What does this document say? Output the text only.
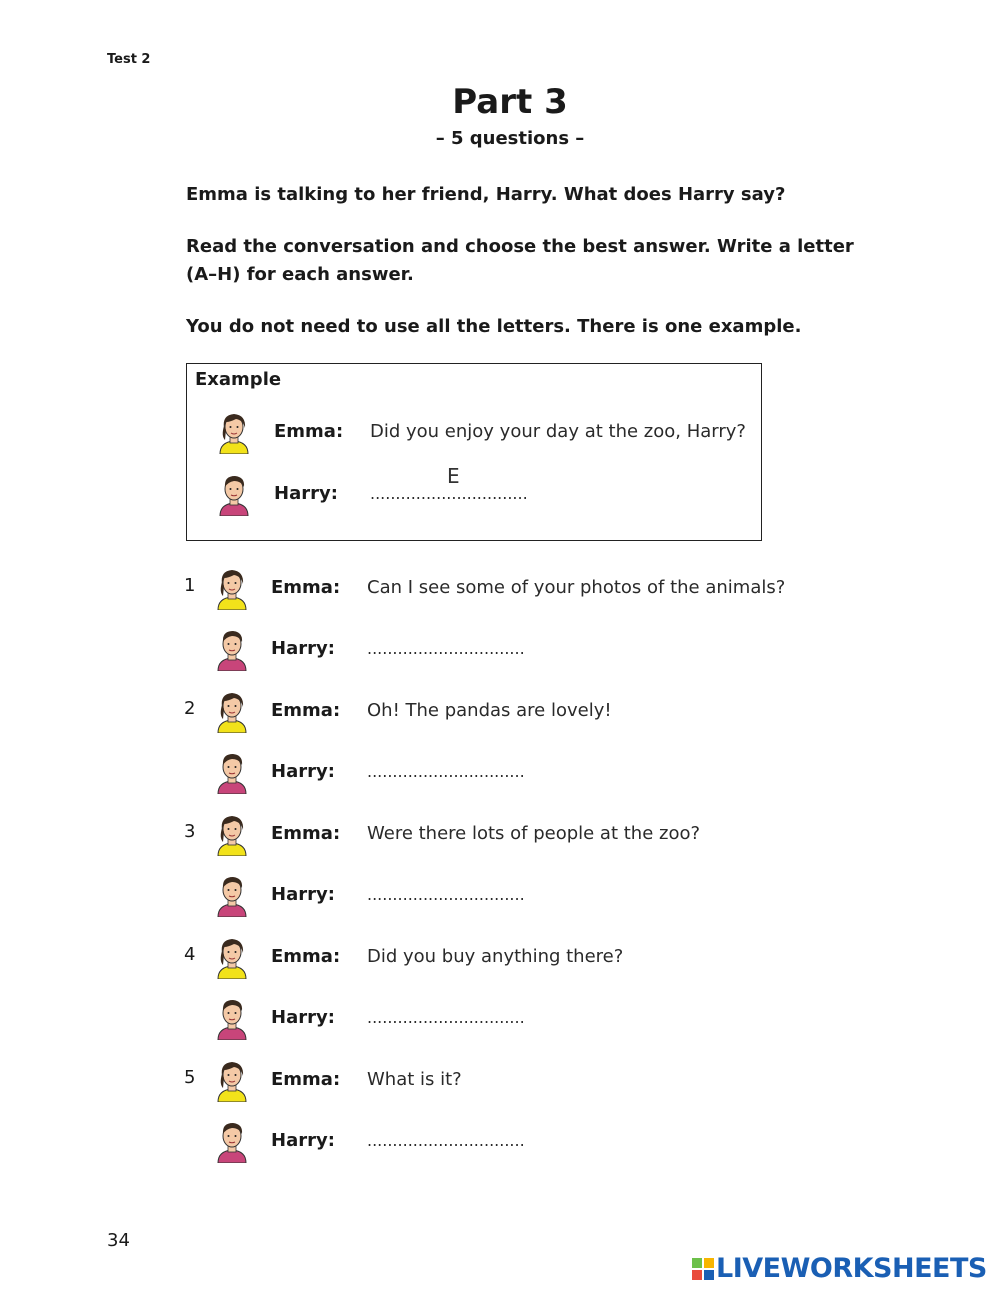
Test 2
Part 3
– 5 questions –
Emma is talking to her friend, Harry. What does Harry say?
Read the conversation and choose the best answer. Write a letter (A–H) for each answer.
You do not need to use all the letters. There is one example.
Example
Emma: Did you enjoy your day at the zoo, Harry?
Harry:
E
...............................
1	Emma: Can I see some of your photos of the animals?
Harry: ...............................
2	Emma: Oh! The pandas are lovely!
Harry: ...............................
3	Emma: Were there lots of people at the zoo?
Harry: ...............................
4	Emma: Did you buy anything there?
Harry: ...............................
5	Emma: What is it?
Harry: ...............................
34
LIVEWORKSHEETS
